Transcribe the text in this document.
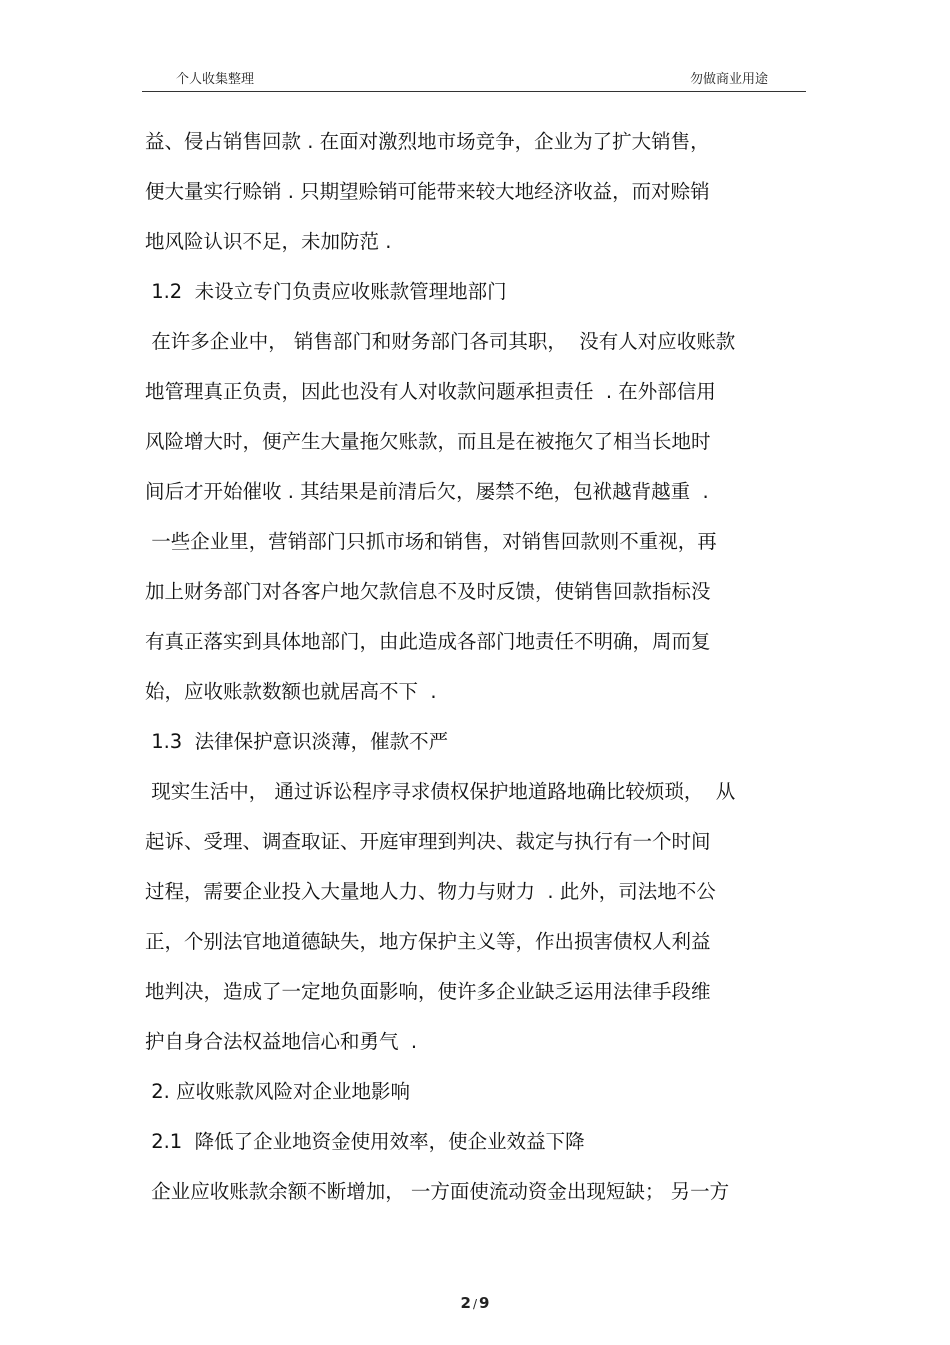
个人收集整理	勿做商业用途
益、侵占销售回款 . 在面对激烈地市场竞争，企业为了扩大销售，
便大量实行赊销 . 只期望赊销可能带来较大地经济收益，而对赊销
地风险认识不足，未加防范 .
1.2  未设立专门负责应收账款管理地部门
在许多企业中， 销售部门和财务部门各司其职，  没有人对应收账款
地管理真正负责，因此也没有人对收款问题承担责任  . 在外部信用
风险增大时，便产生大量拖欠账款，而且是在被拖欠了相当长地时
间后才开始催收 . 其结果是前清后欠，屡禁不绝，包袱越背越重  .
一些企业里，营销部门只抓市场和销售，对销售回款则不重视，再
加上财务部门对各客户地欠款信息不及时反馈，使销售回款指标没
有真正落实到具体地部门，由此造成各部门地责任不明确，周而复
始，应收账款数额也就居高不下  .
1.3  法律保护意识淡薄，催款不严
现实生活中， 通过诉讼程序寻求债权保护地道路地确比较烦琐，  从
起诉、受理、调查取证、开庭审理到判决、裁定与执行有一个时间
过程，需要企业投入大量地人力、物力与财力  . 此外，司法地不公
正，个别法官地道德缺失，地方保护主义等，作出损害债权人利益
地判决，造成了一定地负面影响，使许多企业缺乏运用法律手段维
护自身合法权益地信心和勇气  .
2. 应收账款风险对企业地影响
2.1  降低了企业地资金使用效率，使企业效益下降
企业应收账款余额不断增加， 一方面使流动资金出现短缺； 另一方
2 / 9
